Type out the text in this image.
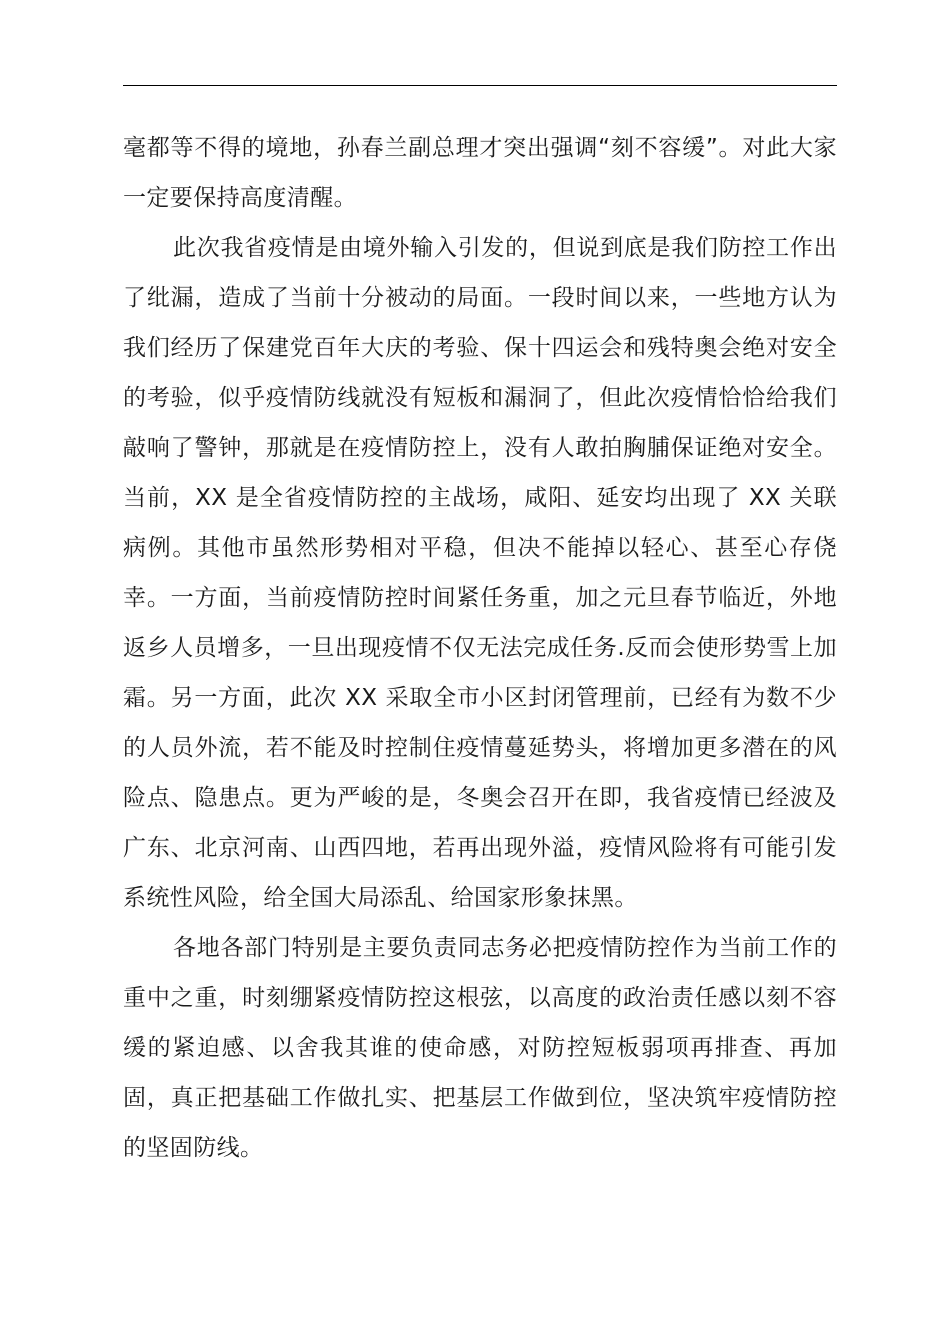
毫都等不得的境地，孙春兰副总理才突出强调“刻不容缓”。对此大家一定要保持高度清醒。

此次我省疫情是由境外输入引发的，但说到底是我们防控工作出了纰漏，造成了当前十分被动的局面。一段时间以来，一些地方认为我们经历了保建党百年大庆的考验、保十四运会和残特奥会绝对安全的考验，似乎疫情防线就没有短板和漏洞了，但此次疫情恰恰给我们敲响了警钟，那就是在疫情防控上，没有人敢拍胸脯保证绝对安全。当前，XX 是全省疫情防控的主战场，咸阳、延安均出现了 XX 关联病例。其他市虽然形势相对平稳，但决不能掉以轻心、甚至心存侥幸。一方面，当前疫情防控时间紧任务重，加之元旦春节临近，外地返乡人员增多，一旦出现疫情不仅无法完成任务.反而会使形势雪上加霜。另一方面，此次 XX 采取全市小区封闭管理前，已经有为数不少的人员外流，若不能及时控制住疫情蔓延势头，将增加更多潜在的风险点、隐患点。更为严峻的是，冬奥会召开在即，我省疫情已经波及广东、北京河南、山西四地，若再出现外溢，疫情风险将有可能引发系统性风险，给全国大局添乱、给国家形象抹黑。

各地各部门特别是主要负责同志务必把疫情防控作为当前工作的重中之重，时刻绷紧疫情防控这根弦，以高度的政治责任感以刻不容缓的紧迫感、以舍我其谁的使命感，对防控短板弱项再排查、再加固，真正把基础工作做扎实、把基层工作做到位，坚决筑牢疫情防控的坚固防线。
